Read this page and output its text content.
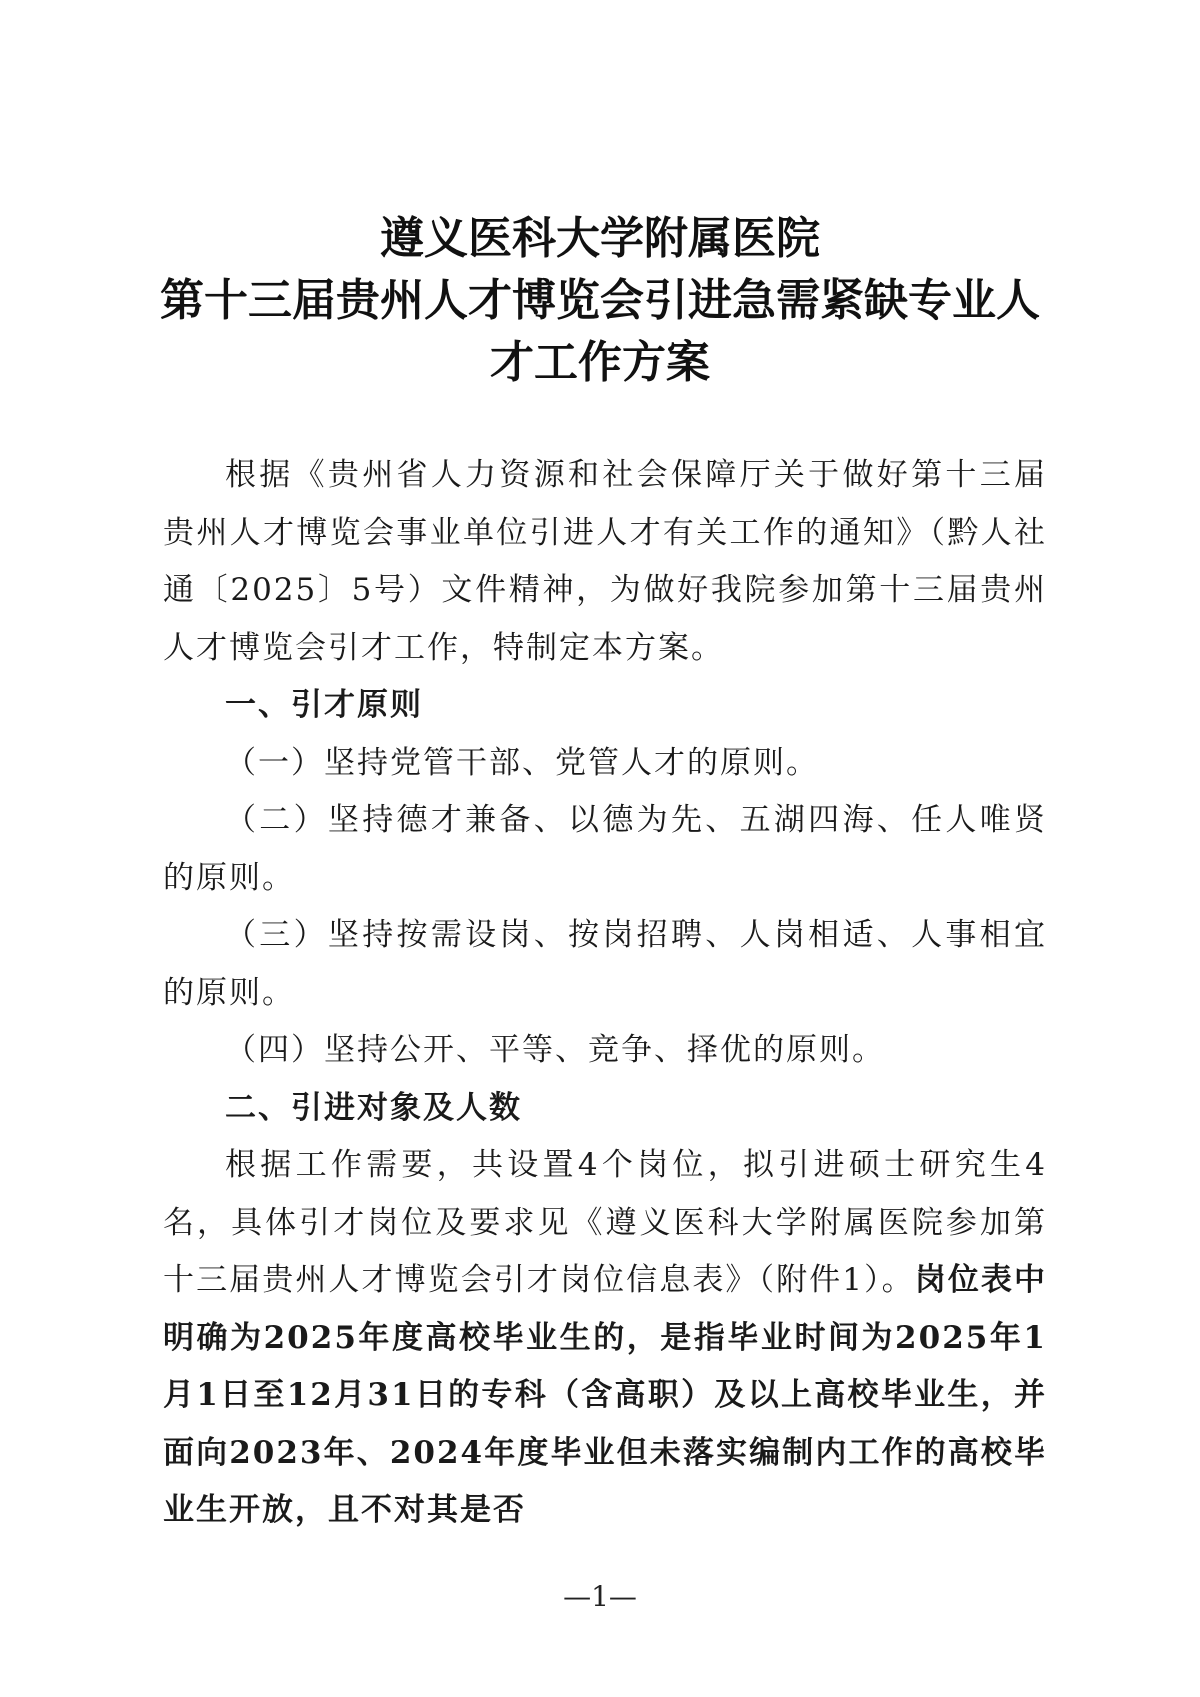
遵义医科大学附属医院
第十三届贵州人才博览会引进急需紧缺专业人
才工作方案

根据《贵州省人力资源和社会保障厅关于做好第十三届贵州人才博览会事业单位引进人才有关工作的通知》（黔人社通〔2025〕5号）文件精神，为做好我院参加第十三届贵州人才博览会引才工作，特制定本方案。

一、引才原则

（一）坚持党管干部、党管人才的原则。

（二）坚持德才兼备、以德为先、五湖四海、任人唯贤的原则。

（三）坚持按需设岗、按岗招聘、人岗相适、人事相宜的原则。

（四）坚持公开、平等、竞争、择优的原则。

二、引进对象及人数

根据工作需要，共设置4个岗位，拟引进硕士研究生4名，具体引才岗位及要求见《遵义医科大学附属医院参加第十三届贵州人才博览会引才岗位信息表》（附件1）。岗位表中明确为2025年度高校毕业生的，是指毕业时间为2025年1月1日至12月31日的专科（含高职）及以上高校毕业生，并面向2023年、2024年度毕业但未落实编制内工作的高校毕业生开放，且不对其是否

—1—
